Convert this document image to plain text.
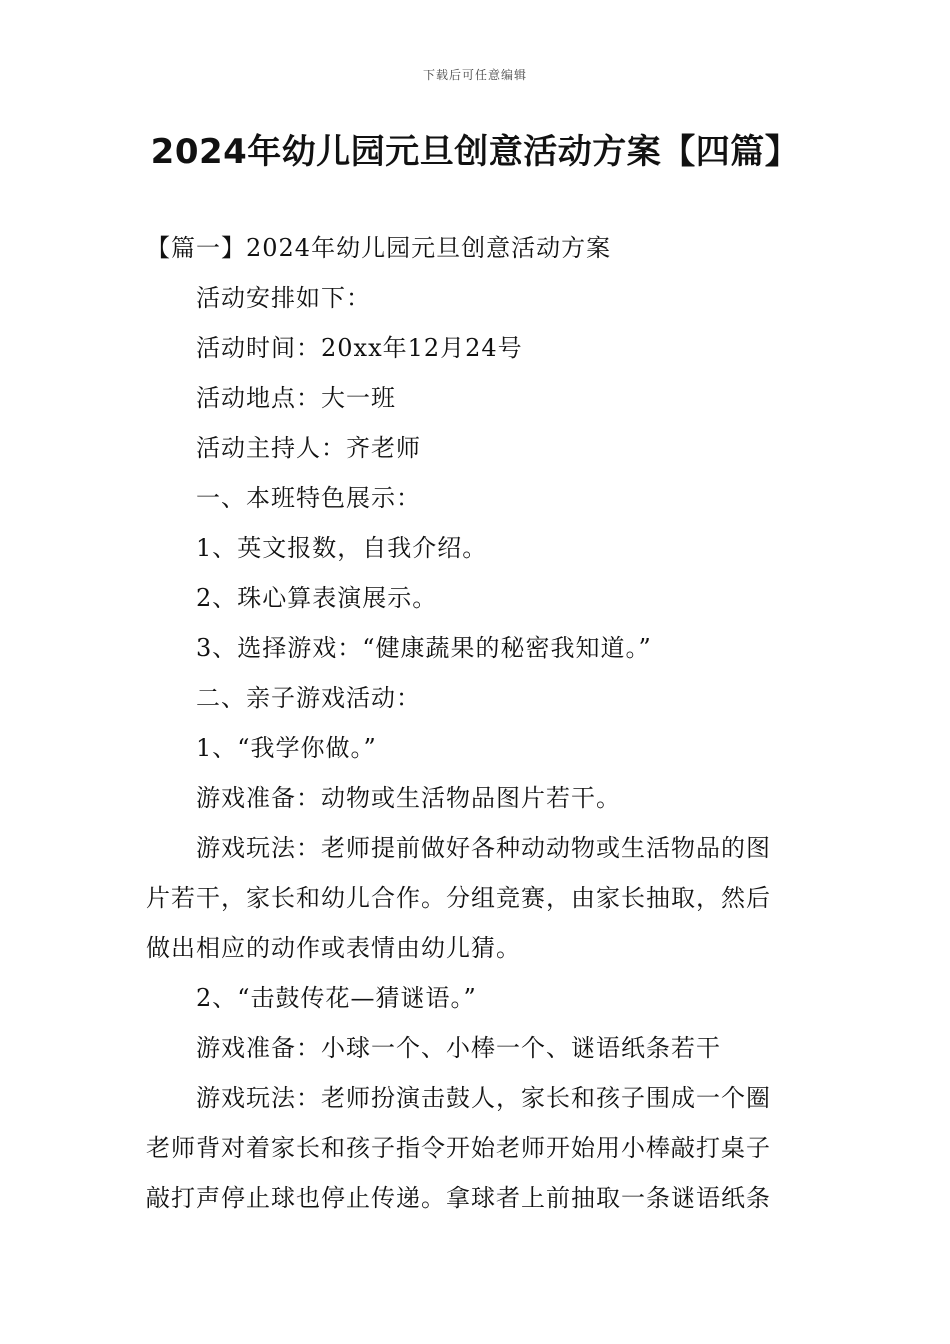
下载后可任意编辑
2024年幼儿园元旦创意活动方案【四篇】
【篇一】2024年幼儿园元旦创意活动方案
活动安排如下：
活动时间：20xx年12月24号
活动地点：大一班
活动主持人：齐老师
一、本班特色展示：
1、英文报数，自我介绍。
2、珠心算表演展示。
3、选择游戏：“健康蔬果的秘密我知道。”
二、亲子游戏活动：
1、“我学你做。”
游戏准备：动物或生活物品图片若干。
游戏玩法：老师提前做好各种动动物或生活物品的图
片若干，家长和幼儿合作。分组竞赛，由家长抽取，然后
做出相应的动作或表情由幼儿猜。
2、“击鼓传花—猜谜语。”
游戏准备：小球一个、小棒一个、谜语纸条若干
游戏玩法：老师扮演击鼓人，家长和孩子围成一个圈
老师背对着家长和孩子指令开始老师开始用小棒敲打桌子
敲打声停止球也停止传递。拿球者上前抽取一条谜语纸条
